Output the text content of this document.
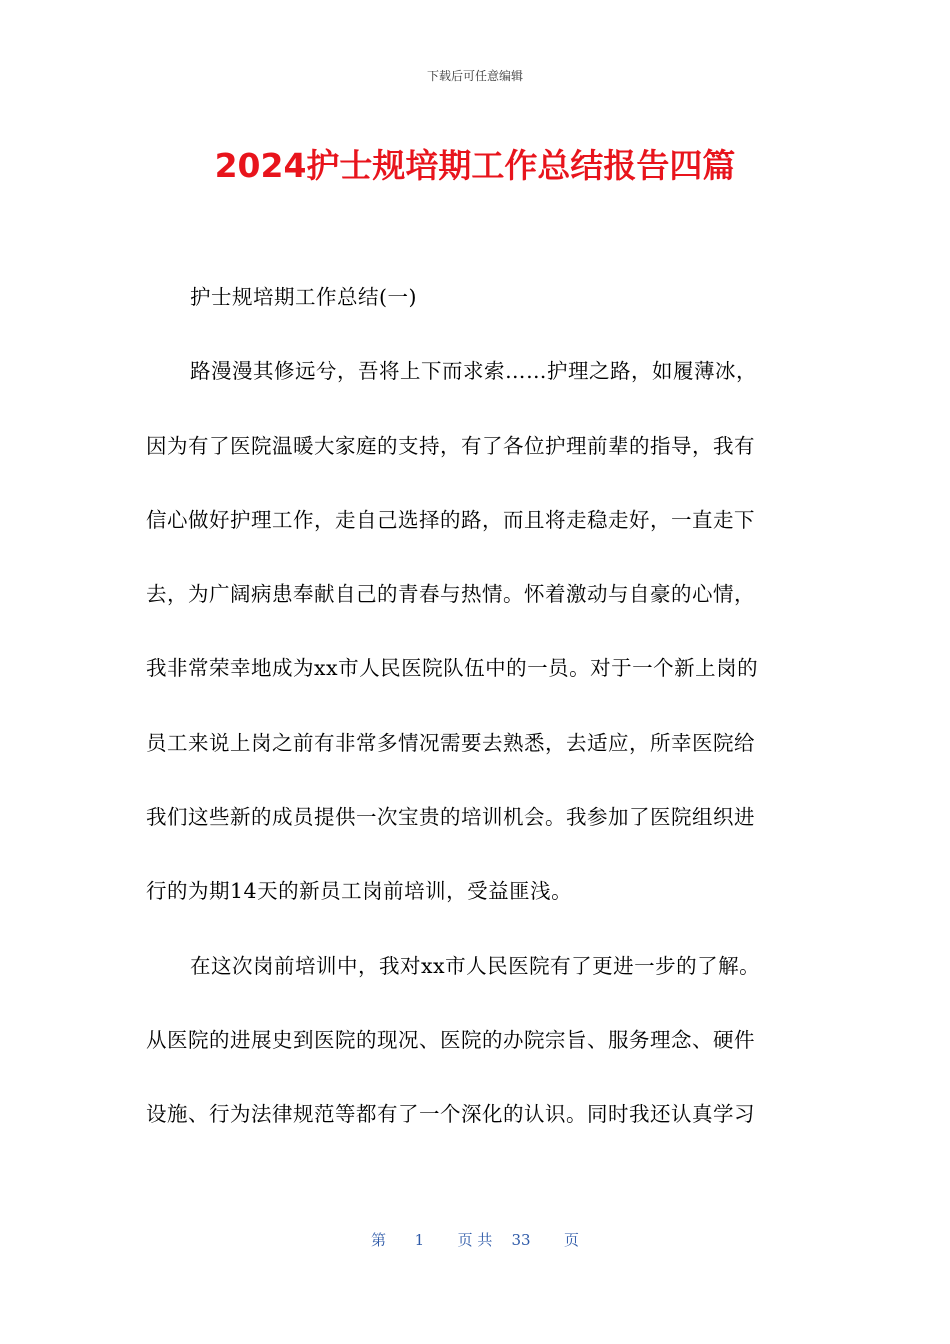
下载后可任意编辑
2024护士规培期工作总结报告四篇
护士规培期工作总结(一)
路漫漫其修远兮，吾将上下而求索……护理之路，如履薄冰，
因为有了医院温暖大家庭的支持，有了各位护理前辈的指导，我有
信心做好护理工作，走自己选择的路，而且将走稳走好，一直走下
去，为广阔病患奉献自己的青春与热情。怀着激动与自豪的心情，
我非常荣幸地成为xx市人民医院队伍中的一员。对于一个新上岗的
员工来说上岗之前有非常多情况需要去熟悉，去适应，所幸医院给
我们这些新的成员提供一次宝贵的培训机会。我参加了医院组织进
行的为期14天的新员工岗前培训，受益匪浅。
在这次岗前培训中，我对xx市人民医院有了更进一步的了解。
从医院的进展史到医院的现况、医院的办院宗旨、服务理念、硬件
设施、行为法律规范等都有了一个深化的认识。同时我还认真学习
第 1 页 共 33 页
